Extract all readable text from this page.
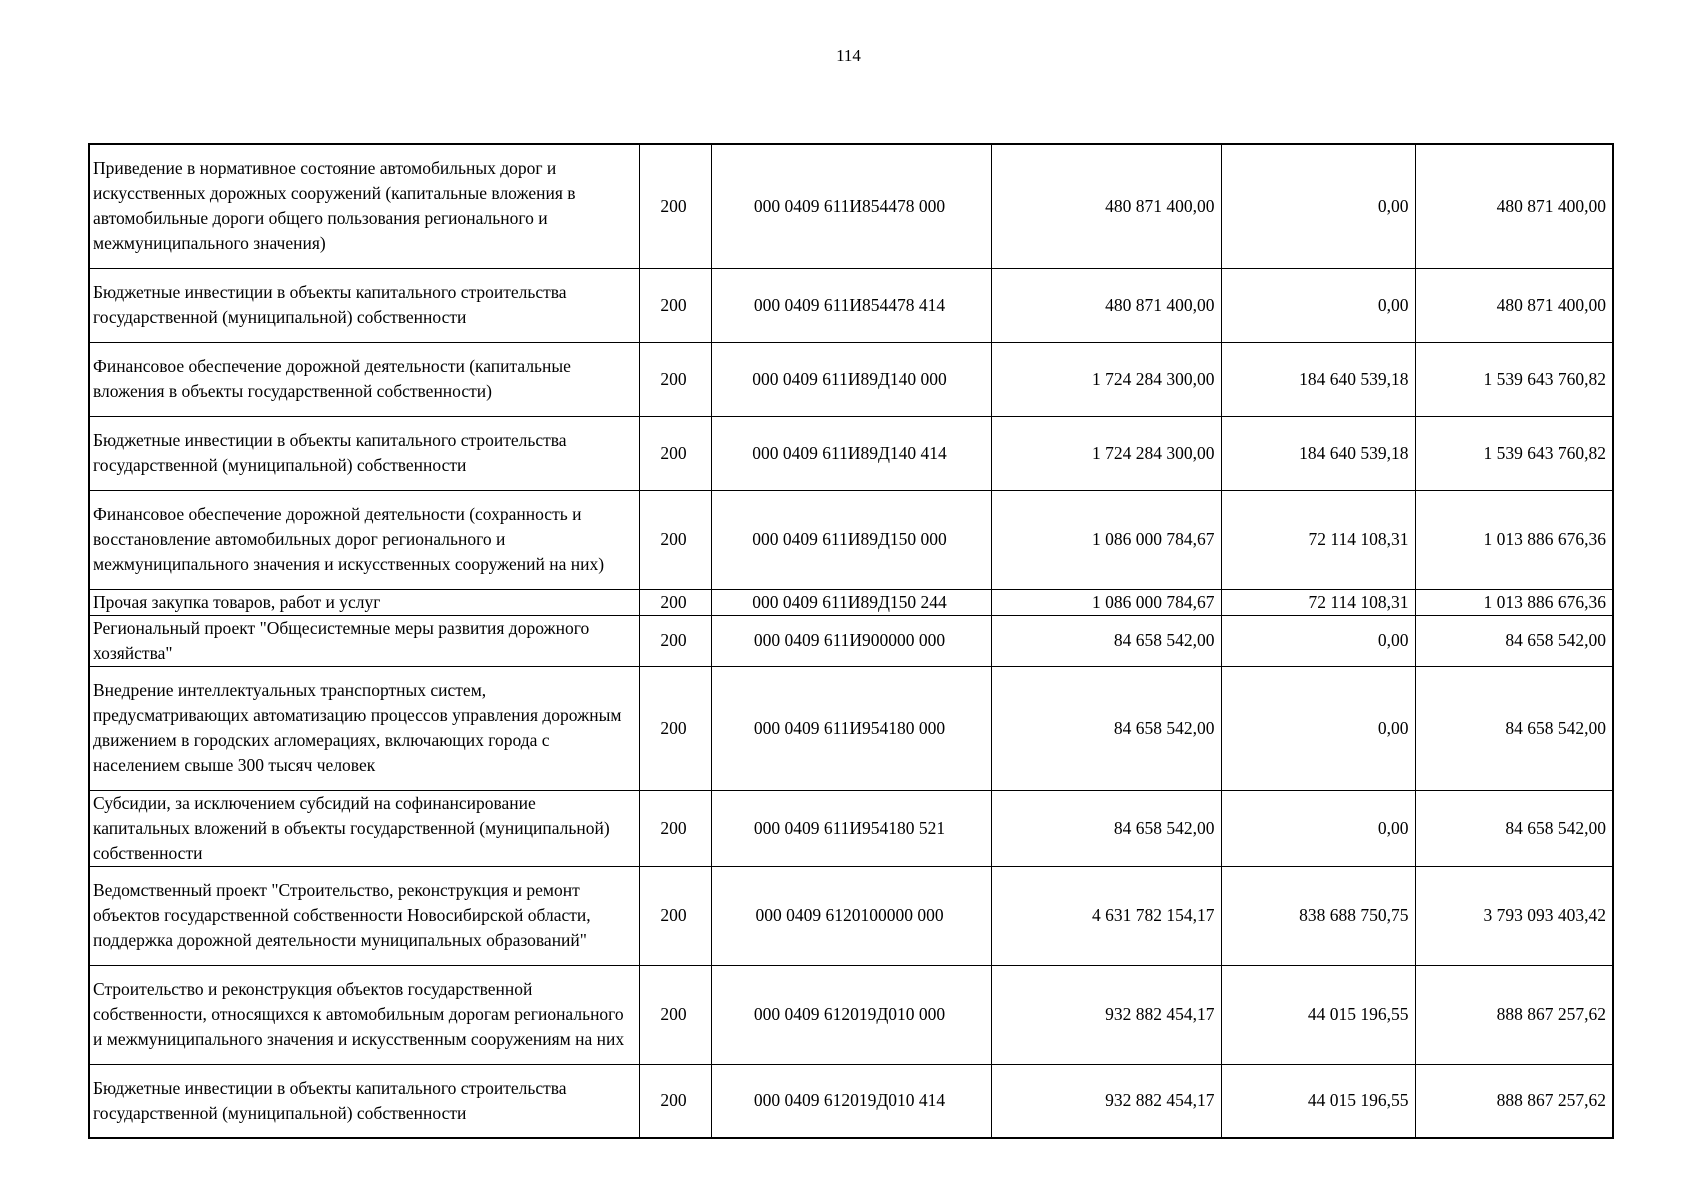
114
Приведение в нормативное состояние автомобильных дорог и искусственных дорожных сооружений (капитальные вложения в автомобильные дороги общего пользования регионального и межмуниципального значения)	200	000 0409 611И854478 000	480 871 400,00	0,00	480 871 400,00
Бюджетные инвестиции в объекты капитального строительства государственной (муниципальной) собственности	200	000 0409 611И854478 414	480 871 400,00	0,00	480 871 400,00
Финансовое обеспечение дорожной деятельности (капитальные вложения в объекты государственной собственности)	200	000 0409 611И89Д140 000	1 724 284 300,00	184 640 539,18	1 539 643 760,82
Бюджетные инвестиции в объекты капитального строительства государственной (муниципальной) собственности	200	000 0409 611И89Д140 414	1 724 284 300,00	184 640 539,18	1 539 643 760,82
Финансовое обеспечение дорожной деятельности (сохранность и восстановление автомобильных дорог регионального и межмуниципального значения и искусственных сооружений на них)	200	000 0409 611И89Д150 000	1 086 000 784,67	72 114 108,31	1 013 886 676,36
Прочая закупка товаров, работ и услуг	200	000 0409 611И89Д150 244	1 086 000 784,67	72 114 108,31	1 013 886 676,36
Региональный проект "Общесистемные меры развития дорожного хозяйства"	200	000 0409 611И900000 000	84 658 542,00	0,00	84 658 542,00
Внедрение интеллектуальных транспортных систем, предусматривающих автоматизацию процессов управления дорожным движением в городских агломерациях, включающих города с населением свыше 300 тысяч человек	200	000 0409 611И954180 000	84 658 542,00	0,00	84 658 542,00
Субсидии, за исключением субсидий на софинансирование капитальных вложений в объекты государственной (муниципальной) собственности	200	000 0409 611И954180 521	84 658 542,00	0,00	84 658 542,00
Ведомственный проект "Строительство, реконструкция и ремонт объектов государственной собственности Новосибирской области, поддержка дорожной деятельности муниципальных образований"	200	000 0409 6120100000 000	4 631 782 154,17	838 688 750,75	3 793 093 403,42
Строительство и реконструкция объектов государственной собственности, относящихся к автомобильным дорогам регионального и межмуниципального значения и искусственным сооружениям на них	200	000 0409 612019Д010 000	932 882 454,17	44 015 196,55	888 867 257,62
Бюджетные инвестиции в объекты капитального строительства государственной (муниципальной) собственности	200	000 0409 612019Д010 414	932 882 454,17	44 015 196,55	888 867 257,62
